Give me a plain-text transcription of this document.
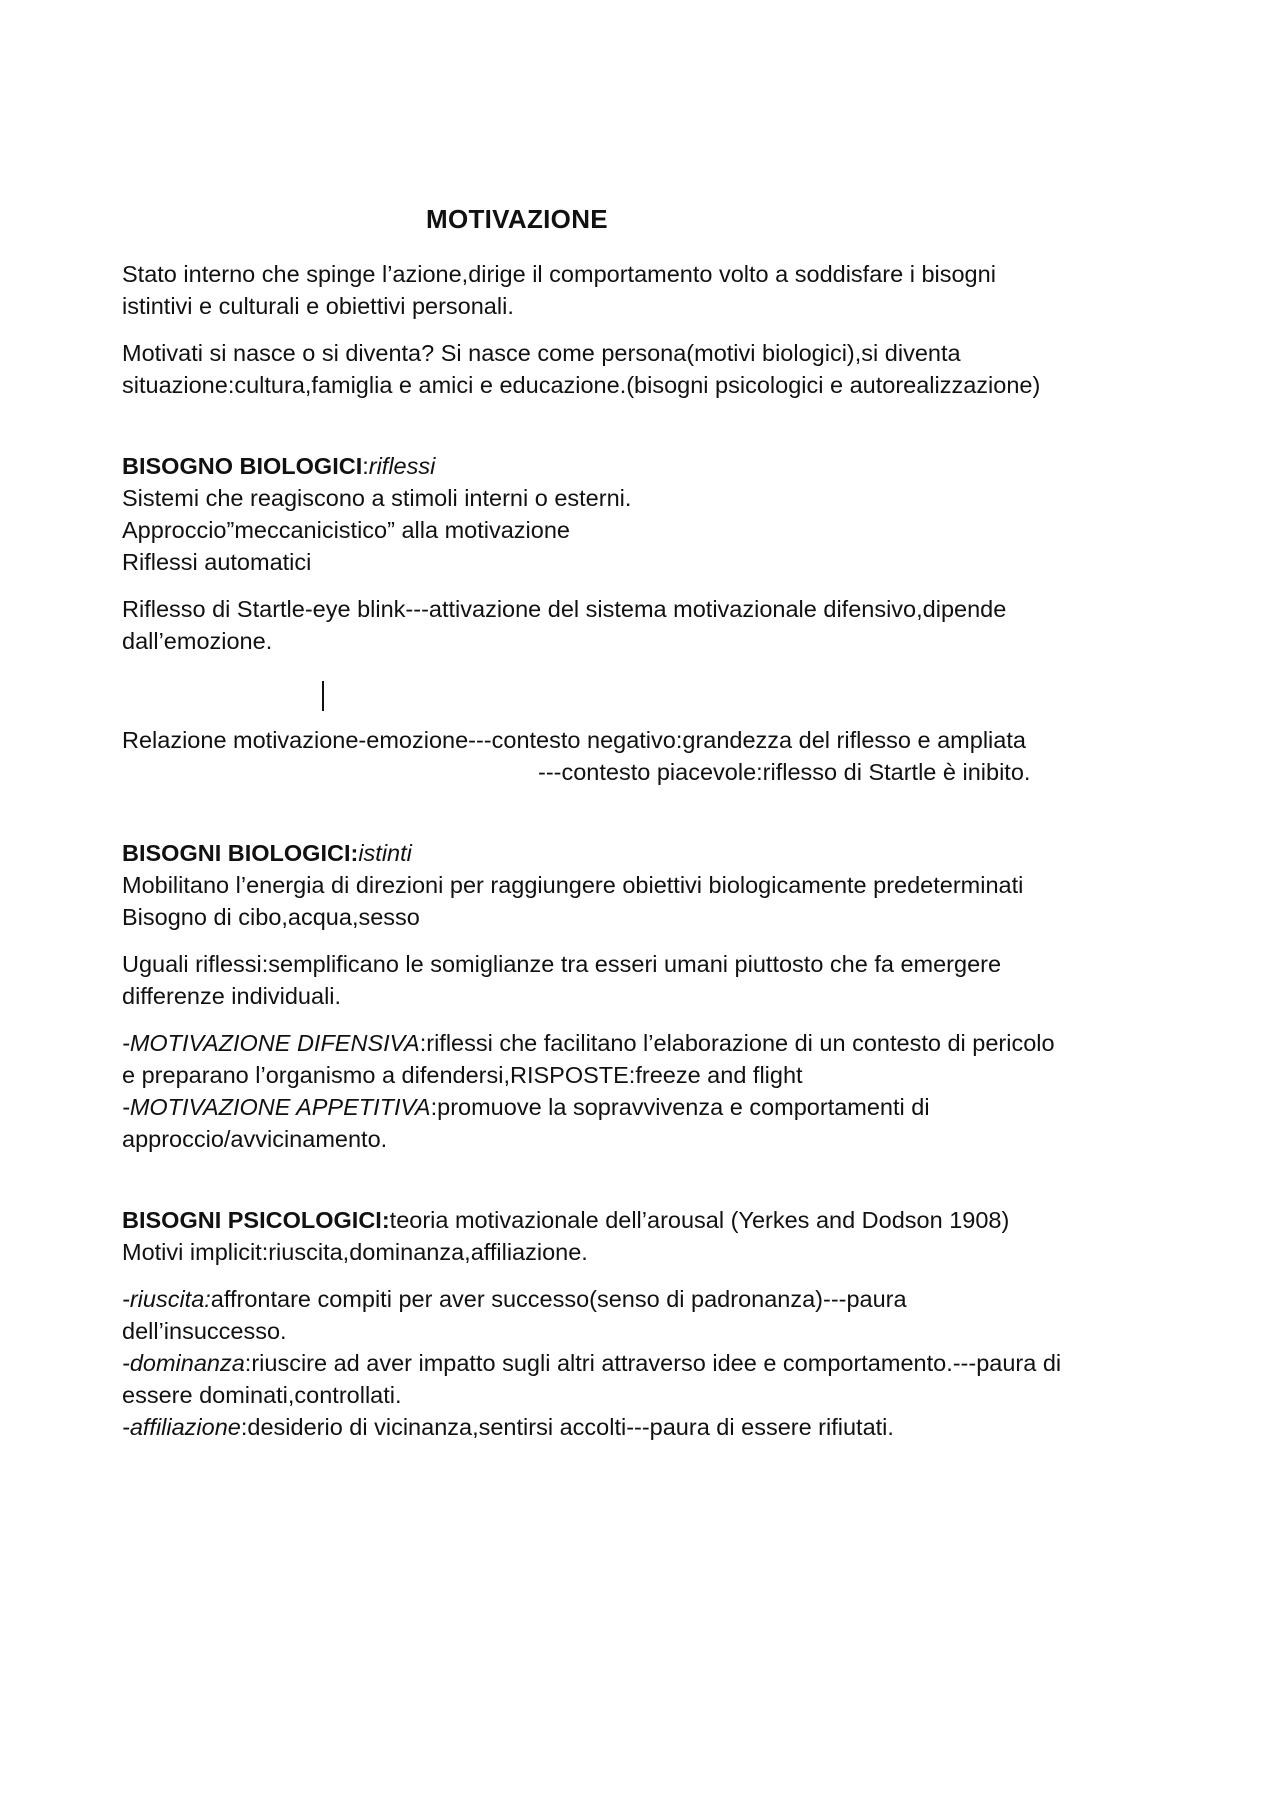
MOTIVAZIONE
Stato interno che spinge l’azione,dirige il comportamento volto a soddisfare i bisogni
istintivi e culturali e obiettivi personali.
Motivati si nasce o si diventa? Si nasce come persona(motivi biologici),si diventa
situazione:cultura,famiglia e amici e educazione.(bisogni psicologici e autorealizzazione)
BISOGNO BIOLOGICI:riflessi
Sistemi che reagiscono a stimoli interni o esterni.
Approccio”meccanicistico” alla motivazione
Riflessi automatici
Riflesso di Startle-eye blink---attivazione del sistema motivazionale difensivo,dipende
dall’emozione.
Relazione motivazione-emozione---contesto negativo:grandezza del riflesso e ampliata
---contesto piacevole:riflesso di Startle è inibito.
BISOGNI BIOLOGICI:istinti
Mobilitano l’energia di direzioni per raggiungere obiettivi biologicamente predeterminati
Bisogno di cibo,acqua,sesso
Uguali riflessi:semplificano le somiglianze tra esseri umani piuttosto che fa emergere
differenze individuali.
-MOTIVAZIONE DIFENSIVA:riflessi che facilitano l’elaborazione di un contesto di pericolo
e preparano l’organismo a difendersi,RISPOSTE:freeze and flight
-MOTIVAZIONE APPETITIVA:promuove la sopravvivenza e comportamenti di
approccio/avvicinamento.
BISOGNI PSICOLOGICI:teoria motivazionale dell’arousal (Yerkes and Dodson 1908)
Motivi implicit:riuscita,dominanza,affiliazione.
-riuscita:affrontare compiti per aver successo(senso di padronanza)---paura
dell’insuccesso.
-dominanza:riuscire ad aver impatto sugli altri attraverso idee e comportamento.---paura di
essere dominati,controllati.
-affiliazione:desiderio di vicinanza,sentirsi accolti---paura di essere rifiutati.
